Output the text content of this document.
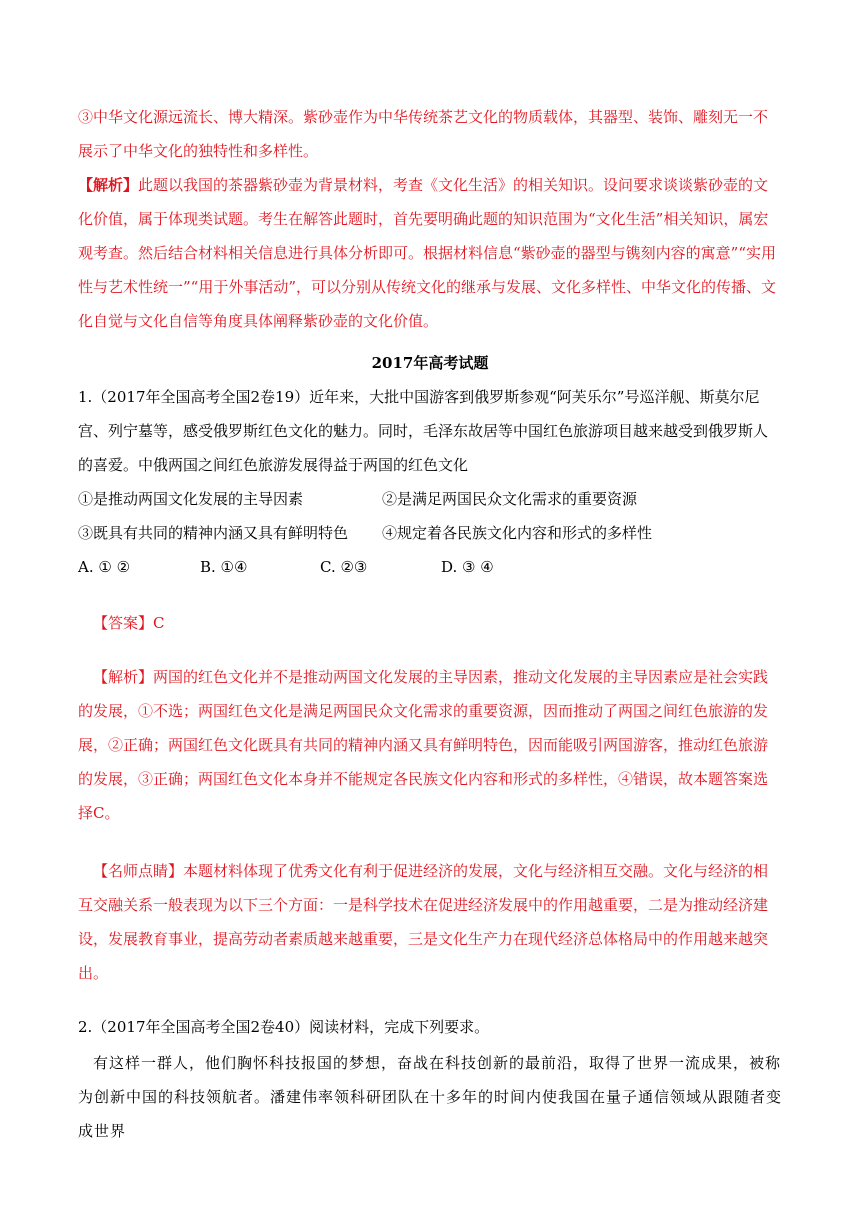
③中华文化源远流长、博大精深。紫砂壶作为中华传统茶艺文化的物质载体，其器型、装饰、雕刻无一不展示了中华文化的独特性和多样性。

【解析】此题以我国的茶器紫砂壶为背景材料，考查《文化生活》的相关知识。设问要求谈谈紫砂壶的文化价值，属于体现类试题。考生在解答此题时，首先要明确此题的知识范围为“文化生活”相关知识，属宏观考查。然后结合材料相关信息进行具体分析即可。根据材料信息“紫砂壶的器型与镌刻内容的寓意”“实用性与艺术性统一”“用于外事活动”，可以分别从传统文化的继承与发展、文化多样性、中华文化的传播、文化自觉与文化自信等角度具体阐释紫砂壶的文化价值。

2017年高考试题

1.（2017年全国高考全国2卷19）近年来，大批中国游客到俄罗斯参观“阿芙乐尔”号巡洋舰、斯莫尔尼宫、列宁墓等，感受俄罗斯红色文化的魅力。同时，毛泽东故居等中国红色旅游项目越来越受到俄罗斯人的喜爱。中俄两国之间红色旅游发展得益于两国的红色文化

①是推动两国文化发展的主导因素	②是满足两国民众文化需求的重要资源
③既具有共同的精神内涵又具有鲜明特色 ④规定着各民族文化内容和形式的多样性
A. ① ②	B. ①④	C. ②③	D. ③ ④

【答案】C

【解析】两国的红色文化并不是推动两国文化发展的主导因素，推动文化发展的主导因素应是社会实践的发展，①不选；两国红色文化是满足两国民众文化需求的重要资源，因而推动了两国之间红色旅游的发展，②正确；两国红色文化既具有共同的精神内涵又具有鲜明特色，因而能吸引两国游客，推动红色旅游的发展，③正确；两国红色文化本身并不能规定各民族文化内容和形式的多样性，④错误，故本题答案选择C。

【名师点睛】本题材料体现了优秀文化有利于促进经济的发展，文化与经济相互交融。文化与经济的相互交融关系一般表现为以下三个方面：一是科学技术在促进经济发展中的作用越重要，二是为推动经济建设，发展教育事业，提高劳动者素质越来越重要，三是文化生产力在现代经济总体格局中的作用越来越突出。

2.（2017年全国高考全国2卷40）阅读材料，完成下列要求。

有这样一群人，他们胸怀科技报国的梦想，奋战在科技创新的最前沿，取得了世界一流成果，被称为创新中国的科技领航者。潘建伟率领科研团队在十多年的时间内使我国在量子通信领域从跟随者变成世界
